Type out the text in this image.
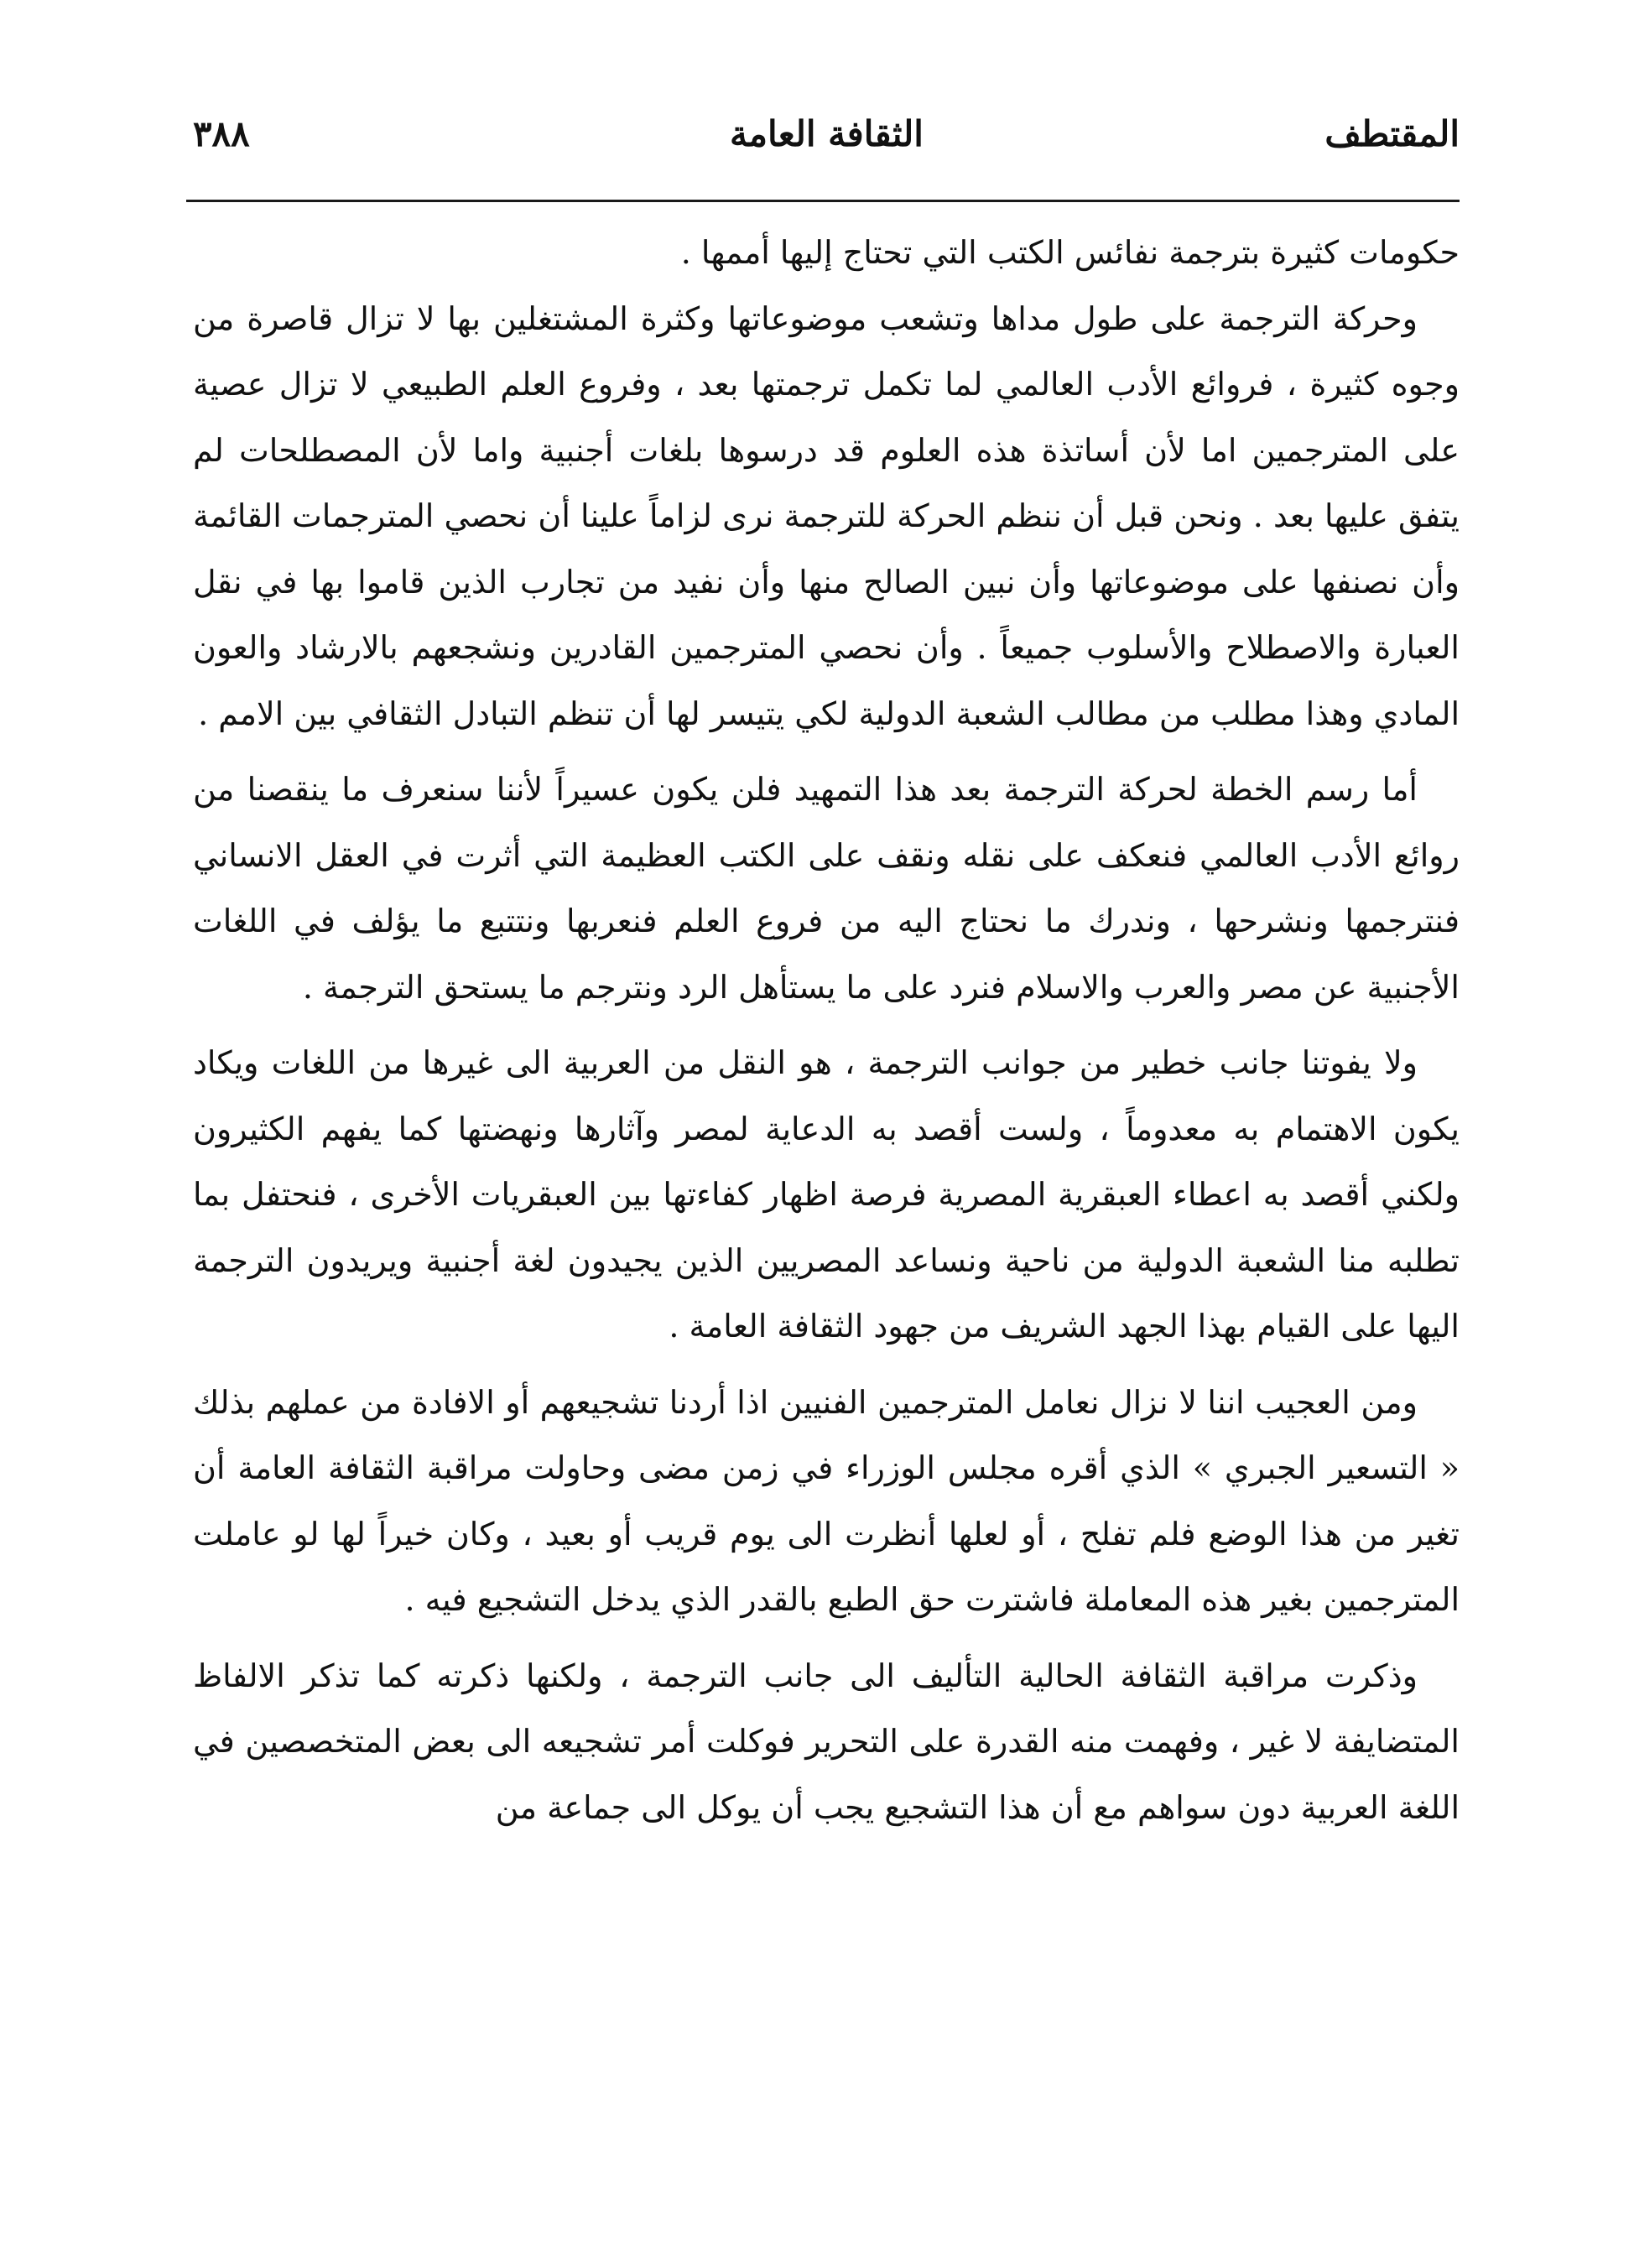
٣٨٨	الثقافة العامة	المقتطف

حكومات كثيرة بترجمة نفائس الكتب التي تحتاج إليها أممها .

وحركة الترجمة على طول مداها وتشعب موضوعاتها وكثرة المشتغلين بها لا تزال قاصرة من وجوه كثيرة ، فروائع الأدب العالمي لما تكمل ترجمتها بعد ، وفروع العلم الطبيعي لا تزال عصية على المترجمين اما لأن أساتذة هذه العلوم قد درسوها بلغات أجنبية واما لأن المصطلحات لم يتفق عليها بعد . ونحن قبل أن ننظم الحركة للترجمة نرى لزاماً علينا أن نحصي المترجمات القائمة وأن نصنفها على موضوعاتها وأن نبين الصالح منها وأن نفيد من تجارب الذين قاموا بها في نقل العبارة والاصطلاح والأسلوب جميعاً . وأن نحصي المترجمين القادرين ونشجعهم بالارشاد والعون المادي وهذا مطلب من مطالب الشعبة الدولية لكي يتيسر لها أن تنظم التبادل الثقافي بين الامم .

أما رسم الخطة لحركة الترجمة بعد هذا التمهيد فلن يكون عسيراً لأننا سنعرف ما ينقصنا من روائع الأدب العالمي فنعكف على نقله ونقف على الكتب العظيمة التي أثرت في العقل الانساني فنترجمها ونشرحها ، وندرك ما نحتاج اليه من فروع العلم فنعربها ونتتبع ما يؤلف في اللغات الأجنبية عن مصر والعرب والاسلام فنرد على ما يستأهل الرد ونترجم ما يستحق الترجمة .

ولا يفوتنا جانب خطير من جوانب الترجمة ، هو النقل من العربية الى غيرها من اللغات ويكاد يكون الاهتمام به معدوماً ، ولست أقصد به الدعاية لمصر وآثارها ونهضتها كما يفهم الكثيرون ولكني أقصد به اعطاء العبقرية المصرية فرصة اظهار كفاءتها بين العبقريات الأخرى ، فنحتفل بما تطلبه منا الشعبة الدولية من ناحية ونساعد المصريين الذين يجيدون لغة أجنبية ويريدون الترجمة اليها على القيام بهذا الجهد الشريف من جهود الثقافة العامة .

ومن العجيب اننا لا نزال نعامل المترجمين الفنيين اذا أردنا تشجيعهم أو الافادة من عملهم بذلك « التسعير الجبري » الذي أقره مجلس الوزراء في زمن مضى وحاولت مراقبة الثقافة العامة أن تغير من هذا الوضع فلم تفلح ، أو لعلها أنظرت الى يوم قريب أو بعيد ، وكان خيراً لها لو عاملت المترجمين بغير هذه المعاملة فاشترت حق الطبع بالقدر الذي يدخل التشجيع فيه .

وذكرت مراقبة الثقافة الحالية التأليف الى جانب الترجمة ، ولكنها ذكرته كما تذكر الالفاظ المتضايفة لا غير ، وفهمت منه القدرة على التحرير فوكلت أمر تشجيعه الى بعض المتخصصين في اللغة العربية دون سواهم مع أن هذا التشجيع يجب أن يوكل الى جماعة من
